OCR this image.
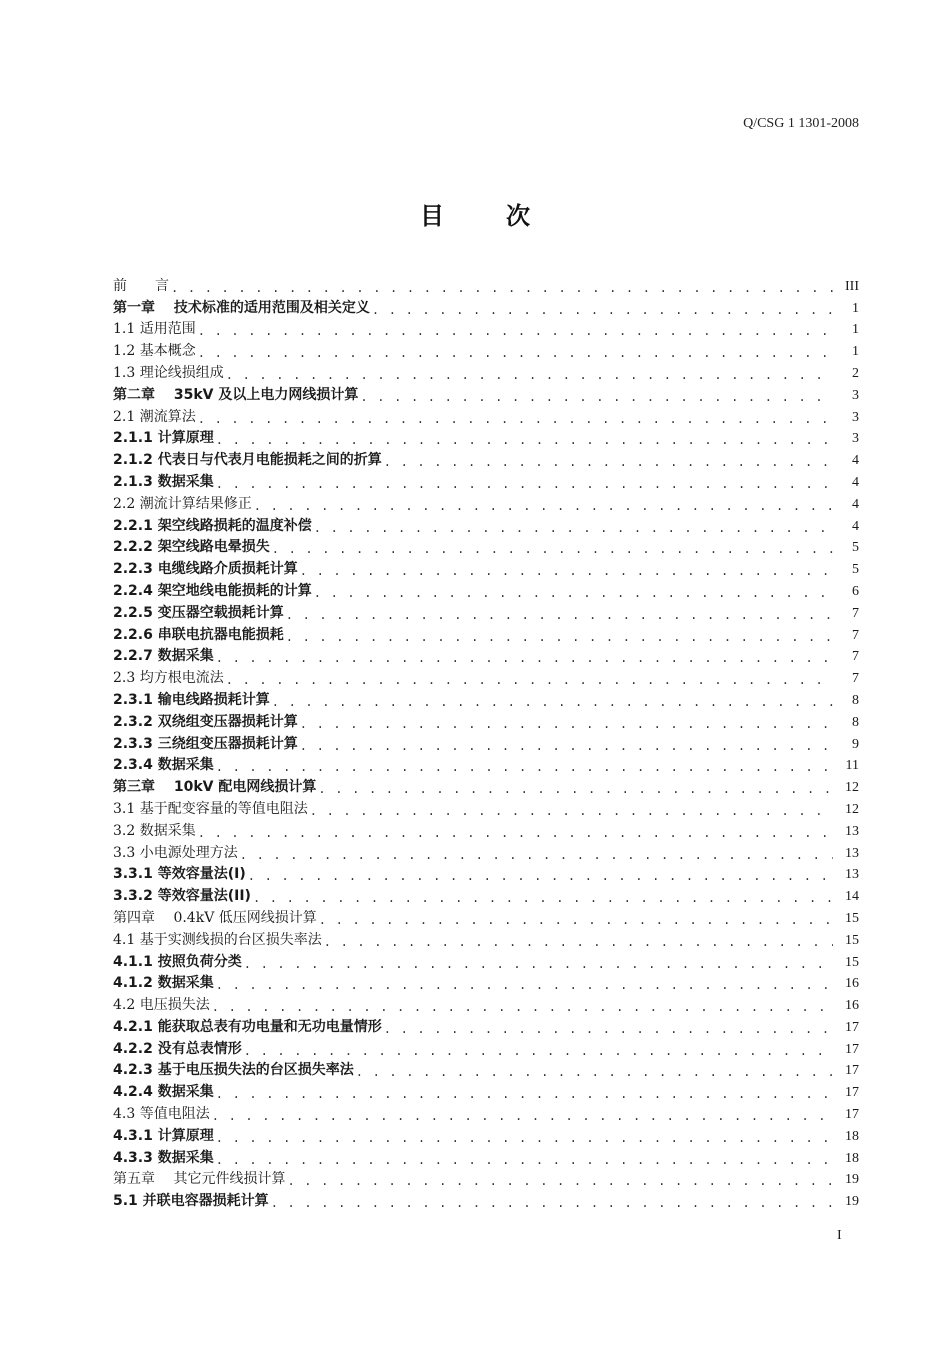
Q/CSG 1 1301-2008
目	次
前　　言 . . .	III
第一章　 技术标准的适用范围及相关定义 . . .	1
1.1 适用范围 . . .	1
1.2 基本概念 . . .	1
1.3 理论线损组成 . . .	2
第二章　 35kV 及以上电力网线损计算 . . .	3
2.1 潮流算法 . . .	3
2.1.1 计算原理 . . .	3
2.1.2 代表日与代表月电能损耗之间的折算 . . .	4
2.1.3 数据采集 . . .	4
2.2 潮流计算结果修正 . . .	4
2.2.1 架空线路损耗的温度补偿 . . .	4
2.2.2 架空线路电晕损失 . . .	5
2.2.3 电缆线路介质损耗计算 . . .	5
2.2.4 架空地线电能损耗的计算 . . .	6
2.2.5 变压器空载损耗计算 . . .	7
2.2.6 串联电抗器电能损耗 . . .	7
2.2.7 数据采集 . . .	7
2.3 均方根电流法 . . .	7
2.3.1 输电线路损耗计算 . . .	8
2.3.2 双绕组变压器损耗计算 . . .	8
2.3.3 三绕组变压器损耗计算 . . .	9
2.3.4 数据采集 . . .	11
第三章　 10kV 配电网线损计算 . . .	12
3.1 基于配变容量的等值电阻法 . . .	12
3.2 数据采集 . . .	13
3.3 小电源处理方法 . . .	13
3.3.1 等效容量法(I) . . .	13
3.3.2 等效容量法(II) . . .	14
第四章　 0.4kV 低压网线损计算 . . .	15
4.1 基于实测线损的台区损失率法 . . .	15
4.1.1 按照负荷分类 . . .	15
4.1.2 数据采集 . . .	16
4.2 电压损失法 . . .	16
4.2.1 能获取总表有功电量和无功电量情形 . . .	17
4.2.2 没有总表情形 . . .	17
4.2.3 基于电压损失法的台区损失率法 . . .	17
4.2.4 数据采集 . . .	17
4.3 等值电阻法 . . .	17
4.3.1 计算原理 . . .	18
4.3.3 数据采集 . . .	18
第五章　 其它元件线损计算 . . .	19
5.1 并联电容器损耗计算 . . .	19
I
